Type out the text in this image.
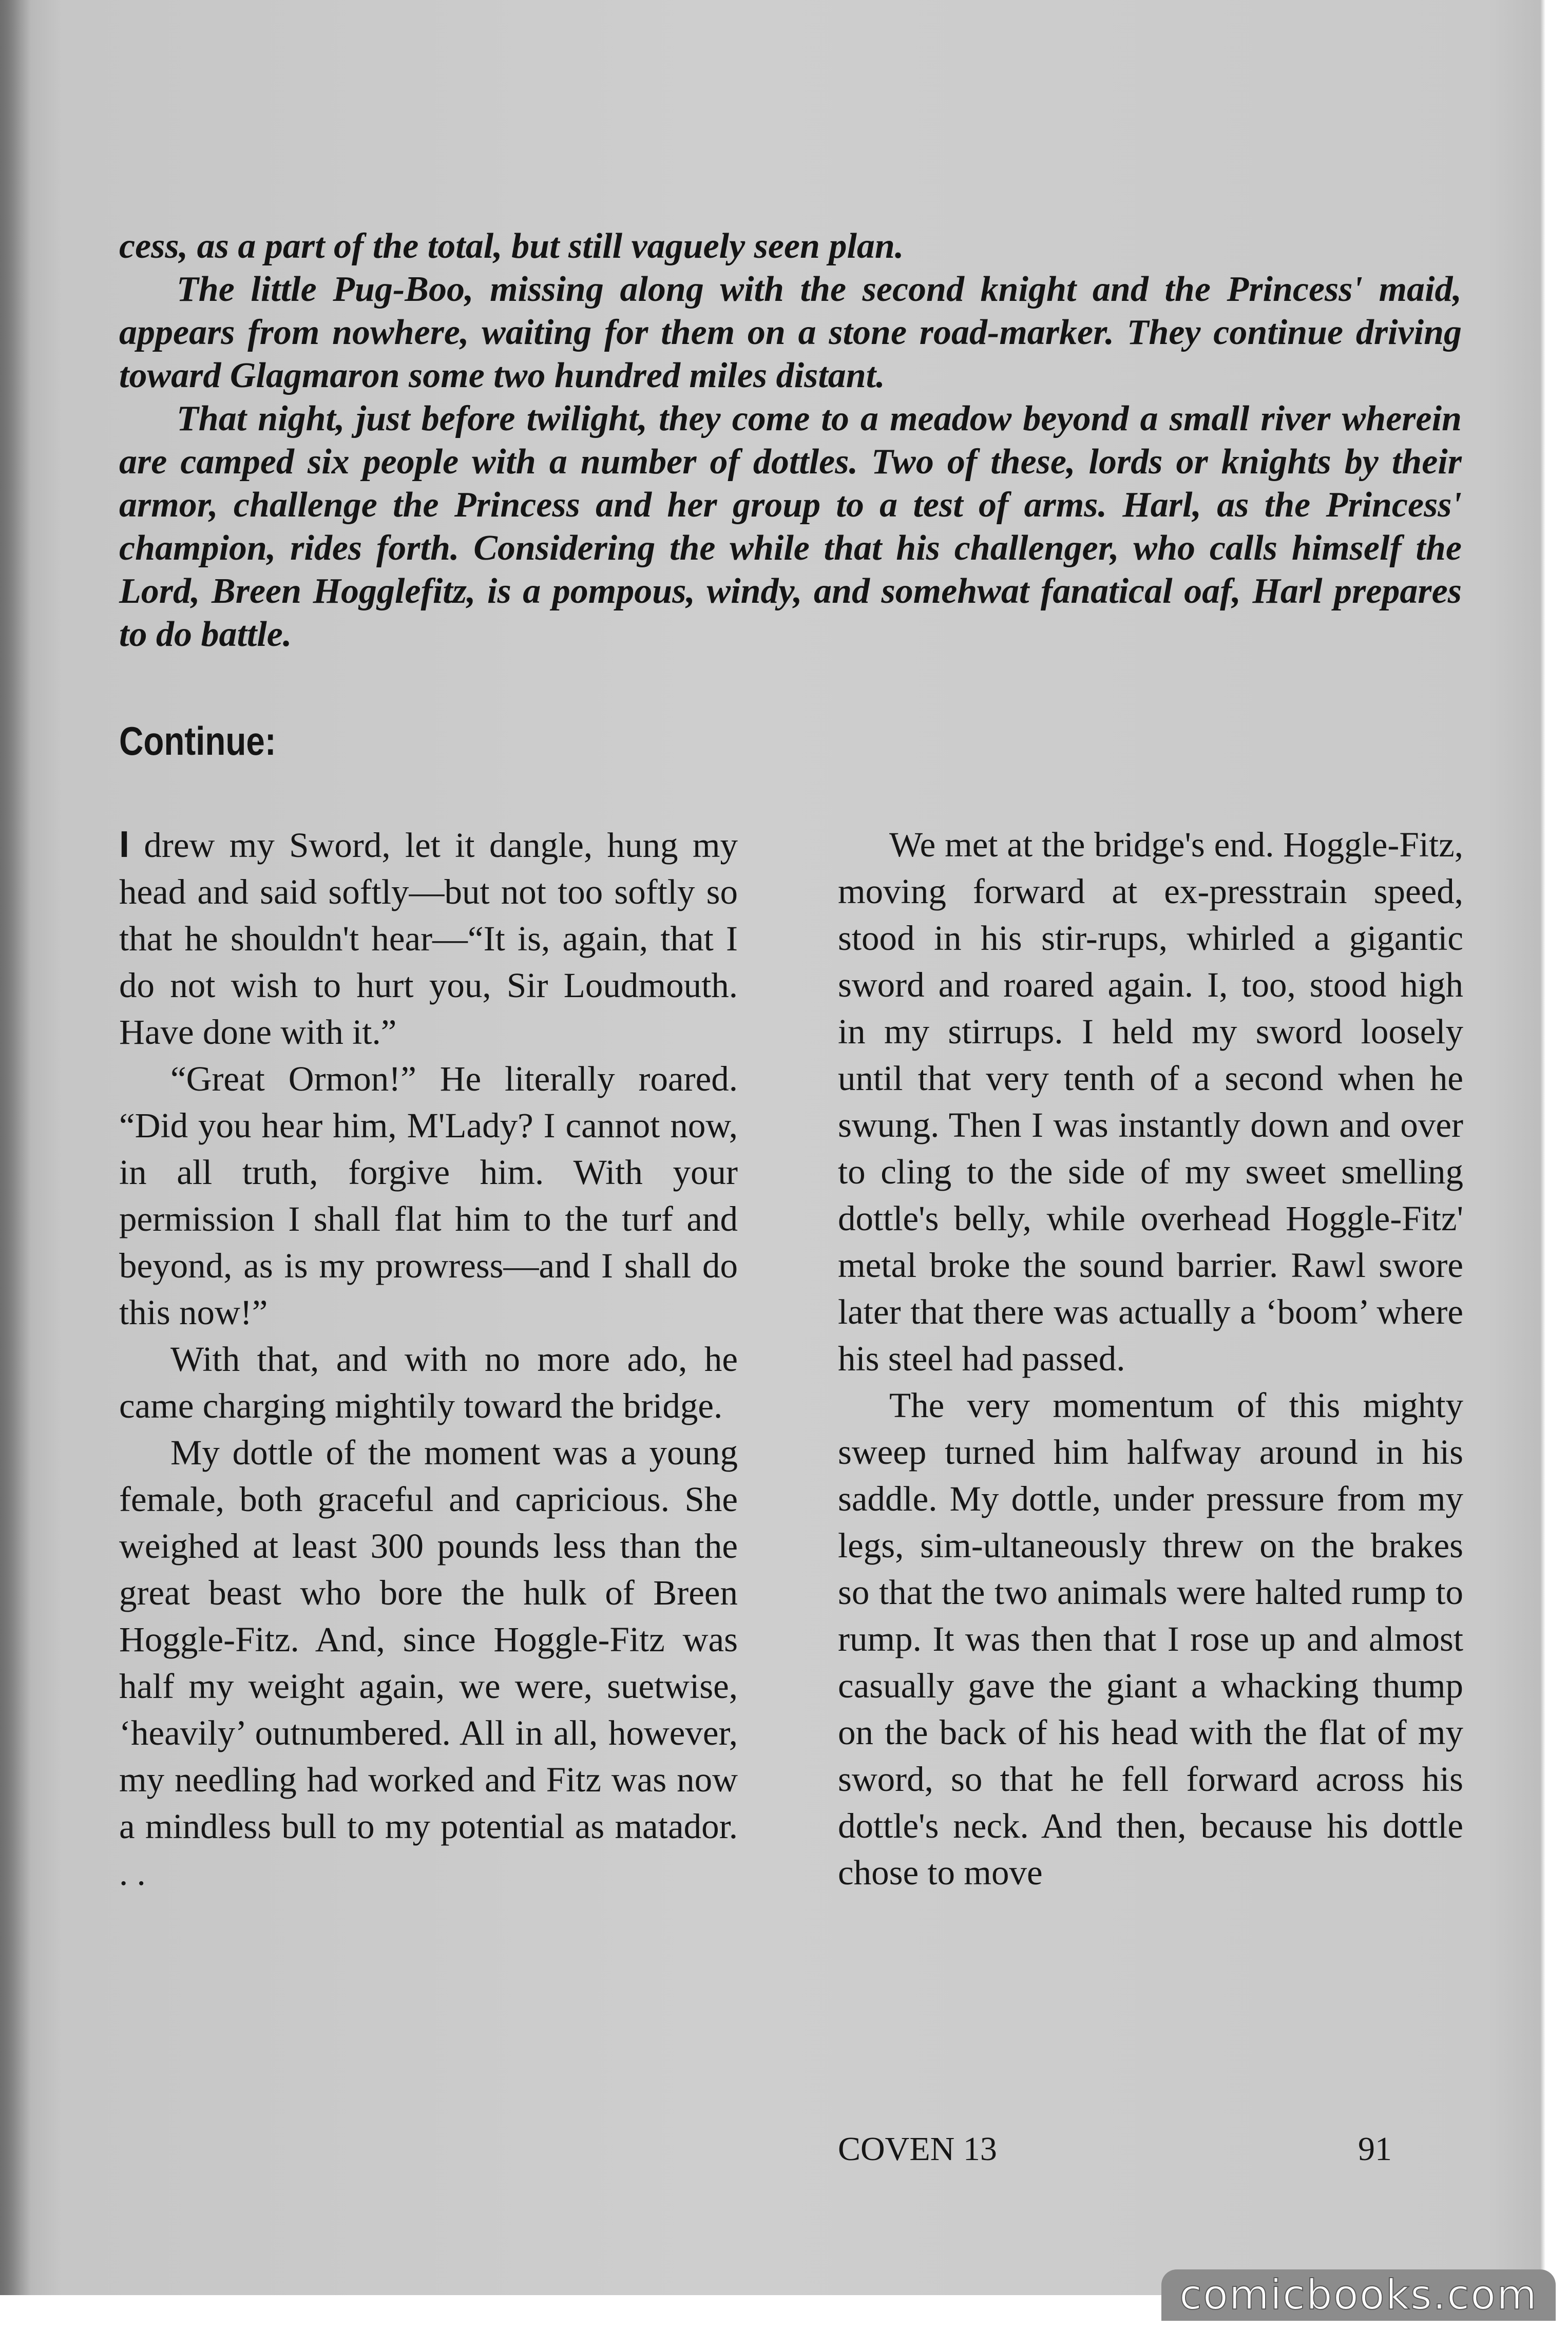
cess, as a part of the total, but still vaguely seen plan.

The little Pug-Boo, missing along with the second knight and the Princess' maid, appears from nowhere, waiting for them on a stone road-marker. They continue driving toward Glagmaron some two hundred miles distant.

That night, just before twilight, they come to a meadow beyond a small river wherein are camped six people with a number of dottles. Two of these, lords or knights by their armor, challenge the Princess and her group to a test of arms. Harl, as the Princess' champion, rides forth. Considering the while that his challenger, who calls himself the Lord, Breen Hogglefitz, is a pompous, windy, and somehwat fanatical oaf, Harl prepares to do battle.

Continue:

I drew my Sword, let it dangle, hung my head and said softly—but not too softly so that he shouldn't hear—“It is, again, that I do not wish to hurt you, Sir Loudmouth. Have done with it.”

“Great Ormon!” He literally roared. “Did you hear him, M'Lady? I cannot now, in all truth, forgive him. With your permission I shall flat him to the turf and beyond, as is my prowress—and I shall do this now!”

With that, and with no more ado, he came charging mightily toward the bridge.

My dottle of the moment was a young female, both graceful and capricious. She weighed at least 300 pounds less than the great beast who bore the hulk of Breen Hoggle-Fitz. And, since Hoggle-Fitz was half my weight again, we were, suetwise, ‘heavily’ outnumbered. All in all, however, my needling had worked and Fitz was now a mindless bull to my potential as matador. . .

We met at the bridge's end. Hoggle-Fitz, moving forward at ex-presstrain speed, stood in his stir-rups, whirled a gigantic sword and roared again. I, too, stood high in my stirrups. I held my sword loosely until that very tenth of a second when he swung. Then I was instantly down and over to cling to the side of my sweet smelling dottle's belly, while overhead Hoggle-Fitz' metal broke the sound barrier. Rawl swore later that there was actually a ‘boom’ where his steel had passed.

The very momentum of this mighty sweep turned him halfway around in his saddle. My dottle, under pressure from my legs, sim-ultaneously threw on the brakes so that the two animals were halted rump to rump. It was then that I rose up and almost casually gave the giant a whacking thump on the back of his head with the flat of my sword, so that he fell forward across his dottle's neck. And then, because his dottle chose to move

COVEN 13	91
comicbooks.com
